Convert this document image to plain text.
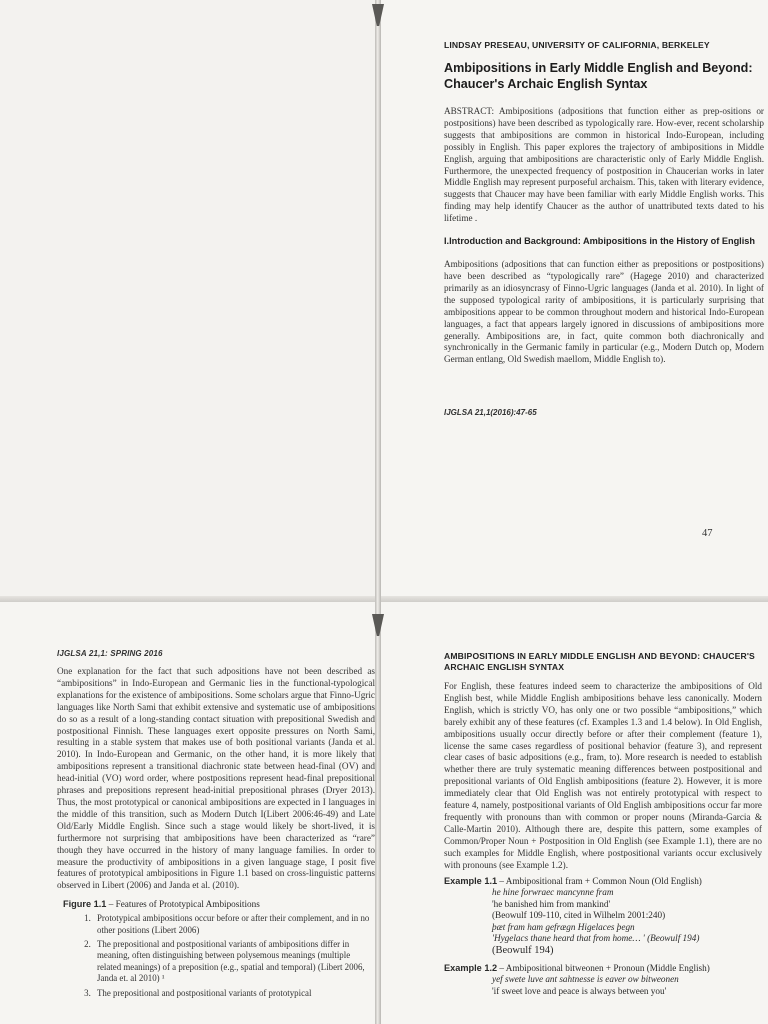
LINDSAY PRESEAU, UNIVERSITY OF CALIFORNIA, BERKELEY
Ambipositions in Early Middle English and Beyond: Chaucer's Archaic English Syntax

ABSTRACT: Ambipositions (adpositions that function either as prep-ositions or postpositions) have been described as typologically rare. How-ever, recent scholarship suggests that ambipositions are common in historical Indo-European, including possibly in English. This paper explores the trajectory of ambipositions in Middle English, arguing that ambipositions are characteristic only of Early Middle English. Furthermore, the unexpected frequency of postposition in Chaucerian works in later Middle English may represent purposeful archaism. This, taken with literary evidence, suggests that Chaucer may have been familiar with early Middle English works. This finding may help identify Chaucer as the author of unattributed texts dated to his lifetime .

I.Introduction and Background: Ambipositions in the History of English

Ambipositions (adpositions that can function either as prepositions or postpositions) have been described as “typologically rare” (Hagege 2010) and characterized primarily as an idiosyncrasy of Finno-Ugric languages (Janda et al. 2010). In light of the supposed typological rarity of ambipositions, it is particularly surprising that ambipositions appear to be common throughout modern and historical Indo-European languages, a fact that appears largely ignored in discussions of ambipositions more generally. Ambipositions are, in fact, quite common both diachronically and synchronically in the Germanic family in particular (e.g., Modern Dutch op, Modern German entlang, Old Swedish maellom, Middle English to).

IJGLSA 21,1(2016):47-65
47
IJGLSA 21,1: SPRING 2016

One explanation for the fact that such adpositions have not been described as “ambipositions” in Indo-European and Germanic lies in the functional-typological explanations for the existence of ambipositions. Some scholars argue that Finno-Ugric languages like North Sami that exhibit extensive and systematic use of ambipositions do so as a result of a long-standing contact situation with prepositional Swedish and postpositional Finnish. These languages exert opposite pressures on North Sami, resulting in a stable system that makes use of both positional variants (Janda et al. 2010). In Indo-European and Germanic, on the other hand, it is more likely that ambipositions represent a transitional diachronic state between head-final (OV) and head-initial (VO) word order, where postpositions represent head-final prepositional phrases and prepositions represent head-initial prepositional phrases (Dryer 2013). Thus, the most prototypical or canonical ambipositions are expected in I languages in the middle of this transition, such as Modern Dutch I(Libert 2006:46-49) and Late Old/Early Middle English. Since such a stage would likely be short-lived, it is furthermore not surprising that ambipositions have been characterized as “rare” though they have occurred in the history of many language families. In order to measure the productivity of ambipositions in a given language stage, I posit five features of prototypical ambipositions in Figure 1.1 based on cross-linguistic patterns observed in Libert (2006) and Janda et al. (2010).

Figure 1.1 – Features of Prototypical Ambipositions

1. Prototypical ambipositions occur before or after their complement, and in no other positions (Libert 2006)
2. The prepositional and postpositional variants of ambipositions differ in meaning, often distinguishing between polysemous meanings (multiple related meanings) of a preposition (e.g., spatial and temporal) (Libert 2006, Janda et. al 2010) ¹
3. The prepositional and postpositional variants of prototypical
AMBIPOSITIONS IN EARLY MIDDLE ENGLISH AND BEYOND: CHAUCER'S ARCHAIC ENGLISH SYNTAX

For English, these features indeed seem to characterize the ambipositions of Old English best, while Middle English ambipositions behave less canonically. Modern English, which is strictly VO, has only one or two possible “ambipositions,” which barely exhibit any of these features (cf. Examples 1.3 and 1.4 below). In Old English, ambipositions usually occur directly before or after their complement (feature 1), license the same cases regardless of positional behavior (feature 3), and represent clear cases of basic adpositions (e.g., fram, to). More research is needed to establish whether there are truly systematic meaning differences between postpositional and prepositional variants of Old English ambipositions (feature 2). However, it is more immediately clear that Old English was not entirely prototypical with respect to feature 4, namely, postpositional variants of Old English ambipositions occur far more frequently with pronouns than with common or proper nouns (Miranda-Garcia & Calle-Martin 2010). Although there are, despite this pattern, some examples of Common/Proper Noun + Postposition in Old English (see Example 1.1), there are no such examples for Middle English, where postpositional variants occur exclusively with pronouns (see Example 1.2).

Example 1.1 – Ambipositional fram + Common Noun (Old English)

he hine forwraec mancynne fram

'he banished him from mankind'

(Beowulf 109-110, cited in Wilhelm 2001:240)

þæt fram ham gefrægn Higelaces þegn

'Hygelacs thane heard that from home… ' (Beowulf 194)

(Beowulf 194)

Example 1.2 – Ambipositional bitweonen + Pronoun (Middle English)

yef swete luve ant sahtnesse is eaver ow bitweonen

'if sweet love and peace is always between you'
